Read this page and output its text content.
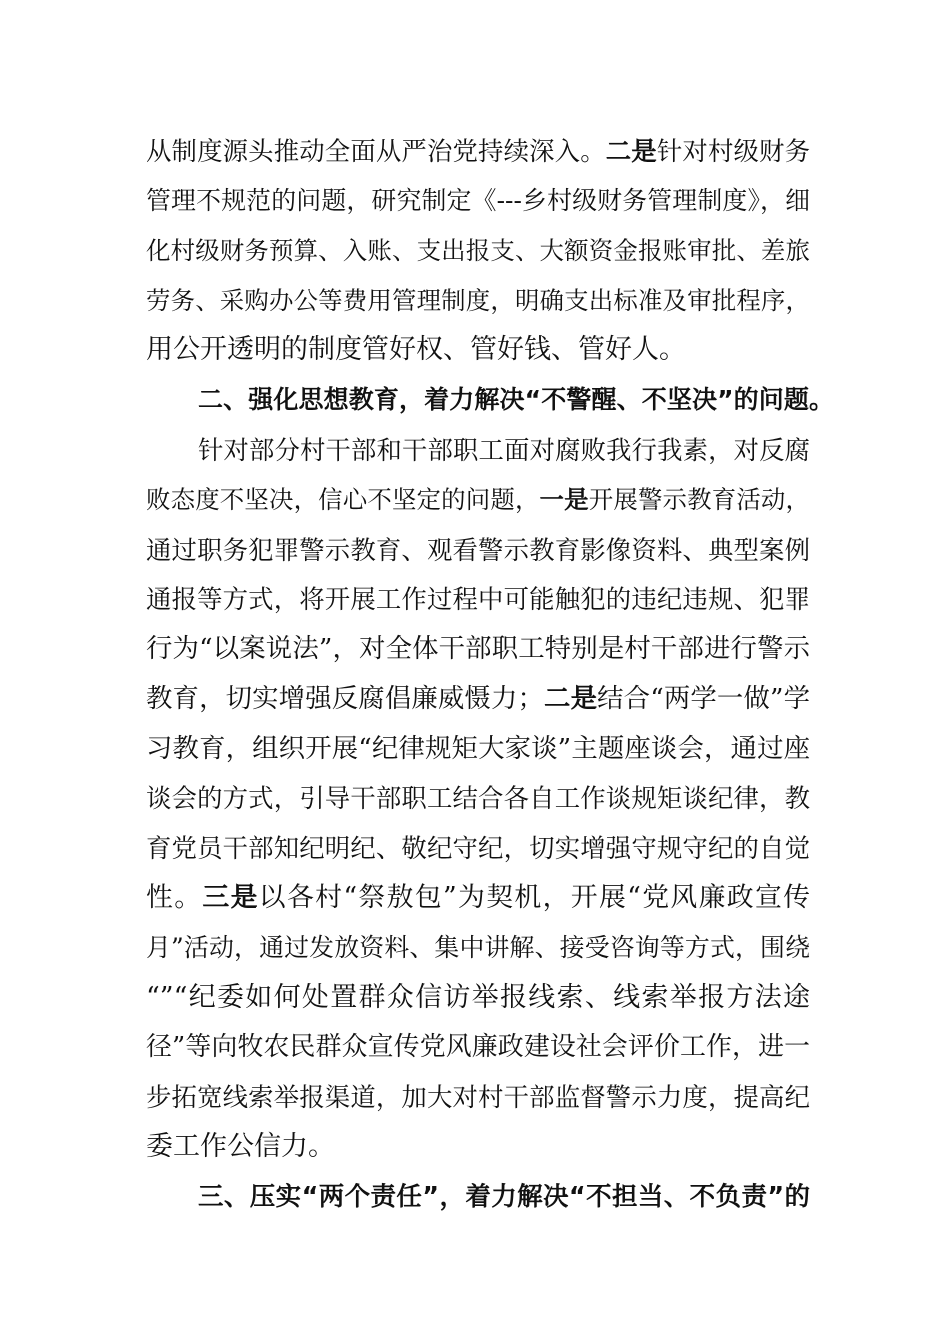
从制度源头推动全面从严治党持续深入。二是针对村级财务
管理不规范的问题，研究制定《---乡村级财务管理制度》，细
化村级财务预算、入账、支出报支、大额资金报账审批、差旅
劳务、采购办公等费用管理制度，明确支出标准及审批程序，
用公开透明的制度管好权、管好钱、管好人。
二、强化思想教育，着力解决“不警醒、不坚决”的问题。
针对部分村干部和干部职工面对腐败我行我素，对反腐
败态度不坚决，信心不坚定的问题，一是开展警示教育活动，
通过职务犯罪警示教育、观看警示教育影像资料、典型案例
通报等方式，将开展工作过程中可能触犯的违纪违规、犯罪
行为“以案说法”，对全体干部职工特别是村干部进行警示
教育，切实增强反腐倡廉威慑力；二是结合“两学一做”学
习教育，组织开展“纪律规矩大家谈”主题座谈会，通过座
谈会的方式，引导干部职工结合各自工作谈规矩谈纪律，教
育党员干部知纪明纪、敬纪守纪，切实增强守规守纪的自觉
性。三是以各村“祭敖包”为契机，开展“党风廉政宣传
月”活动，通过发放资料、集中讲解、接受咨询等方式，围绕
“”“纪委如何处置群众信访举报线索、线索举报方法途
径”等向牧农民群众宣传党风廉政建设社会评价工作，进一
步拓宽线索举报渠道，加大对村干部监督警示力度，提高纪
委工作公信力。
三、压实“两个责任”，着力解决“不担当、不负责”的
